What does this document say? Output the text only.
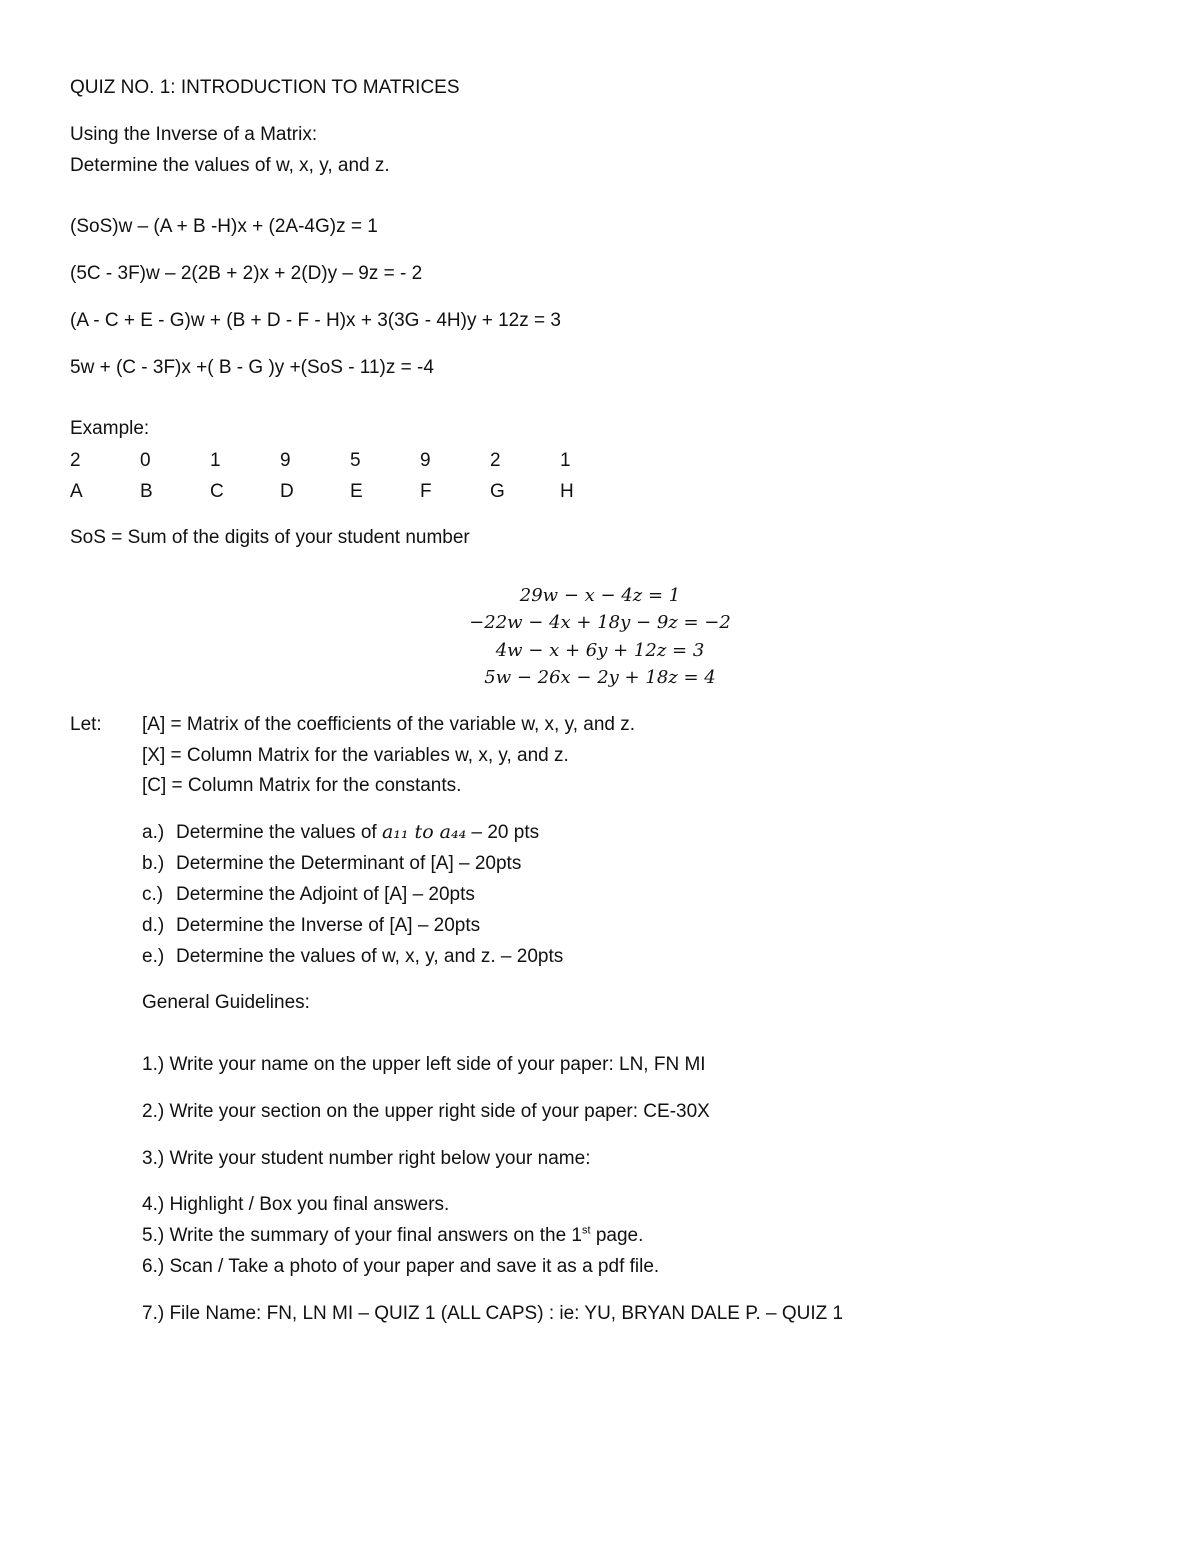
QUIZ NO. 1: INTRODUCTION TO MATRICES
Using the Inverse of a Matrix:
Determine the values of w, x, y, and z.
(SoS)w – (A + B -H)x + (2A-4G)z = 1
(5C - 3F)w – 2(2B + 2)x + 2(D)y – 9z = - 2
(A - C + E - G)w + (B + D - F - H)x + 3(3G - 4H)y + 12z = 3
5w + (C - 3F)x +( B - G )y +(SoS - 11)z = -4
Example:
2	0	1	9	5	9	2	1
A	B	C	D	E	F	G	H
SoS = Sum of the digits of your student number
29w − x − 4z = 1
−22w − 4x + 18y − 9z = −2
4w − x + 6y + 12z = 3
5w − 26x − 2y + 18z = 4
Let: [A] = Matrix of the coefficients of the variable w, x, y, and z.
[X] = Column Matrix for the variables w, x, y, and z.
[C] = Column Matrix for the constants.
a.) Determine the values of a₁₁ to a₄₄ – 20 pts
b.) Determine the Determinant of [A] – 20pts
c.) Determine the Adjoint of [A] – 20pts
d.) Determine the Inverse of [A] – 20pts
e.) Determine the values of w, x, y, and z. – 20pts
General Guidelines:
1.) Write your name on the upper left side of your paper: LN, FN MI
2.) Write your section on the upper right side of your paper: CE-30X
3.) Write your student number right below your name:
4.) Highlight / Box you final answers.
5.) Write the summary of your final answers on the 1st page.
6.) Scan / Take a photo of your paper and save it as a pdf file.
7.) File Name: FN, LN MI – QUIZ 1 (ALL CAPS) : ie: YU, BRYAN DALE P. – QUIZ 1
